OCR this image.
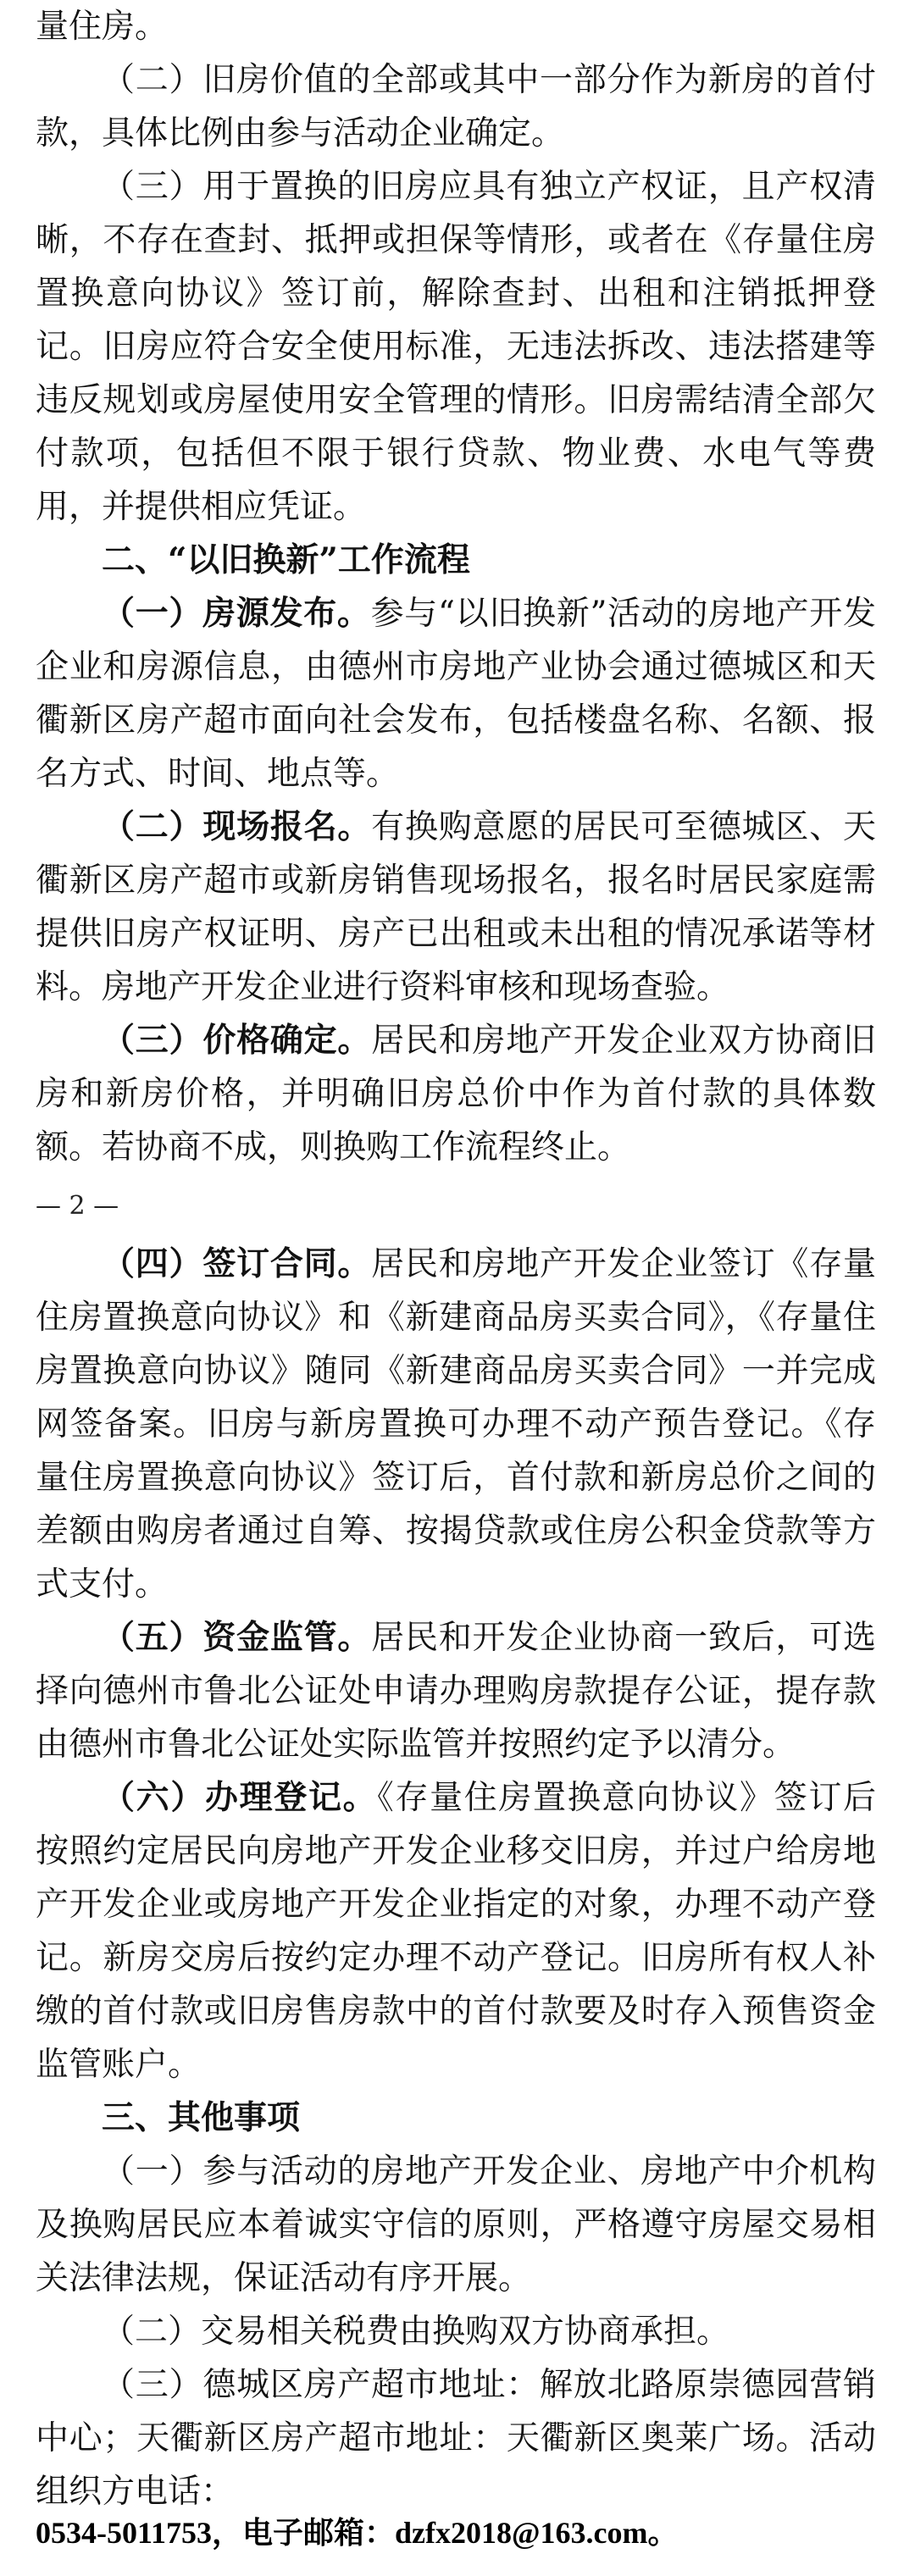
量住房。

（二）旧房价值的全部或其中一部分作为新房的首付款，具体比例由参与活动企业确定。

（三）用于置换的旧房应具有独立产权证，且产权清晰，不存在查封、抵押或担保等情形，或者在《存量住房置换意向协议》签订前，解除查封、出租和注销抵押登记。旧房应符合安全使用标准，无违法拆改、违法搭建等违反规划或房屋使用安全管理的情形。旧房需结清全部欠付款项，包括但不限于银行贷款、物业费、水电气等费用，并提供相应凭证。

二、“以旧换新”工作流程

（一）房源发布。参与“以旧换新”活动的房地产开发企业和房源信息，由德州市房地产业协会通过德城区和天衢新区房产超市面向社会发布，包括楼盘名称、名额、报名方式、时间、地点等。

（二）现场报名。有换购意愿的居民可至德城区、天衢新区房产超市或新房销售现场报名，报名时居民家庭需提供旧房产权证明、房产已出租或未出租的情况承诺等材料。房地产开发企业进行资料审核和现场查验。

（三）价格确定。居民和房地产开发企业双方协商旧房和新房价格，并明确旧房总价中作为首付款的具体数额。若协商不成，则换购工作流程终止。

— 2 —

（四）签订合同。居民和房地产开发企业签订《存量住房置换意向协议》和《新建商品房买卖合同》，《存量住房置换意向协议》随同《新建商品房买卖合同》一并完成网签备案。旧房与新房置换可办理不动产预告登记。《存量住房置换意向协议》签订后，首付款和新房总价之间的差额由购房者通过自筹、按揭贷款或住房公积金贷款等方式支付。

（五）资金监管。居民和开发企业协商一致后，可选择向德州市鲁北公证处申请办理购房款提存公证，提存款由德州市鲁北公证处实际监管并按照约定予以清分。

（六）办理登记。《存量住房置换意向协议》签订后按照约定居民向房地产开发企业移交旧房，并过户给房地产开发企业或房地产开发企业指定的对象，办理不动产登记。新房交房后按约定办理不动产登记。旧房所有权人补缴的首付款或旧房售房款中的首付款要及时存入预售资金监管账户。

三、其他事项

（一）参与活动的房地产开发企业、房地产中介机构及换购居民应本着诚实守信的原则，严格遵守房屋交易相关法律法规，保证活动有序开展。

（二）交易相关税费由换购双方协商承担。

（三）德城区房产超市地址：解放北路原崇德园营销中心；天衢新区房产超市地址：天衢新区奥莱广场。活动组织方电话：

0534-5011753，电子邮箱：dzfx2018@163.com。
